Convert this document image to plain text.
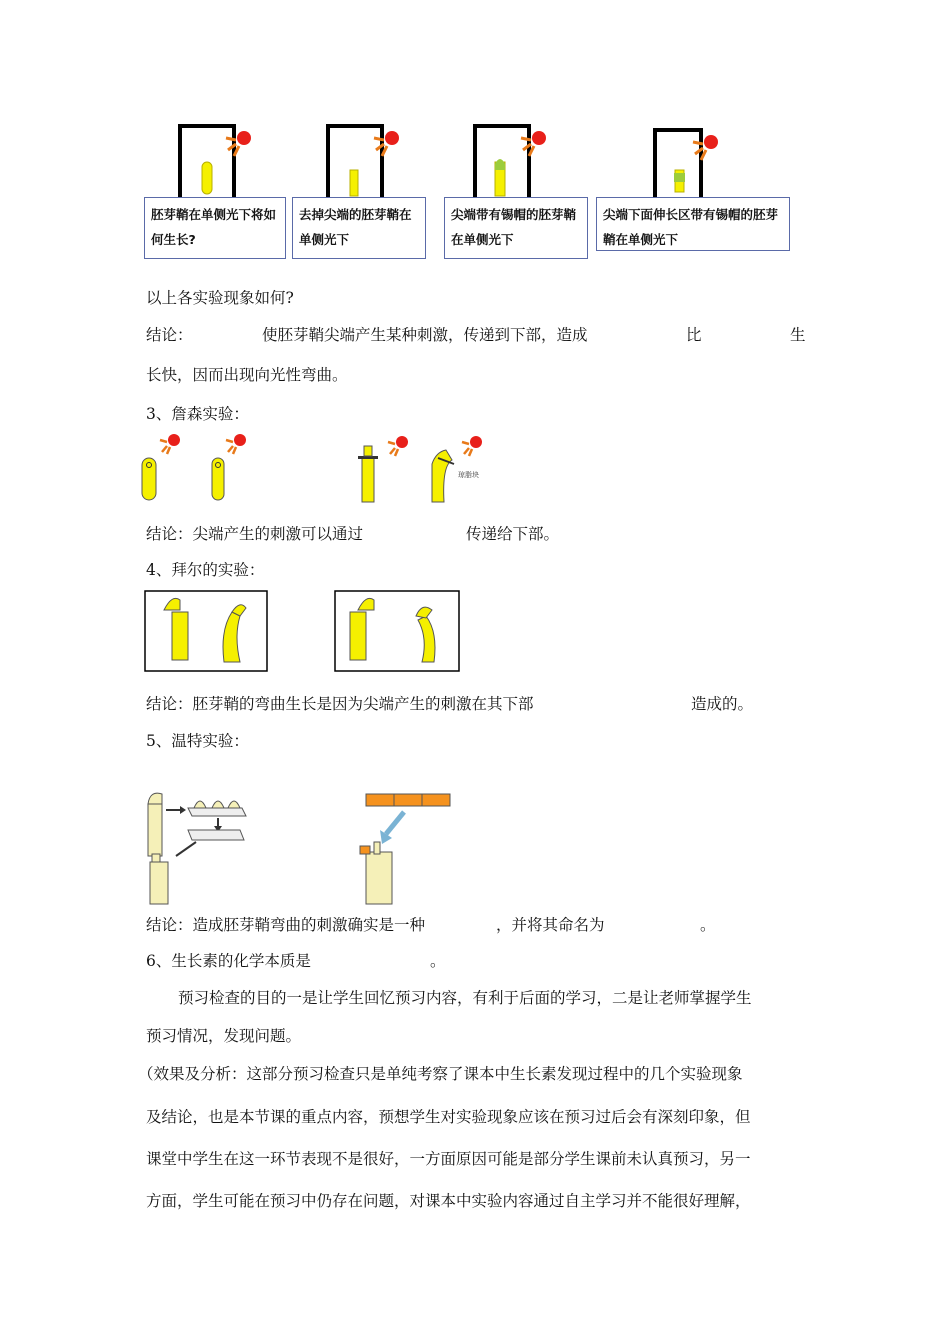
胚芽鞘在单侧光下将如何生长?
去掉尖端的胚芽鞘在单侧光下
尖端带有锡帽的胚芽鞘在单侧光下
尖端下面伸长区带有锡帽的胚芽鞘在单侧光下
以上各实验现象如何?
结论：	使胚芽鞘尖端产生某种刺激，传递到下部，造成	比	生
长快，因而出现向光性弯曲。
3、詹森实验：
琼脂块
结论：尖端产生的刺激可以通过	传递给下部。
4、拜尔的实验：
结论：胚芽鞘的弯曲生长是因为尖端产生的刺激在其下部	造成的。
5、温特实验：
结论：造成胚芽鞘弯曲的刺激确实是一种	，并将其命名为	。
6、生长素的化学本质是	。
预习检查的目的一是让学生回忆预习内容，有利于后面的学习，二是让老师掌握学生
预习情况，发现问题。
（效果及分析：这部分预习检查只是单纯考察了课本中生长素发现过程中的几个实验现象
及结论，也是本节课的重点内容，预想学生对实验现象应该在预习过后会有深刻印象，但
课堂中学生在这一环节表现不是很好，一方面原因可能是部分学生课前未认真预习，另一
方面，学生可能在预习中仍存在问题，对课本中实验内容通过自主学习并不能很好理解，
